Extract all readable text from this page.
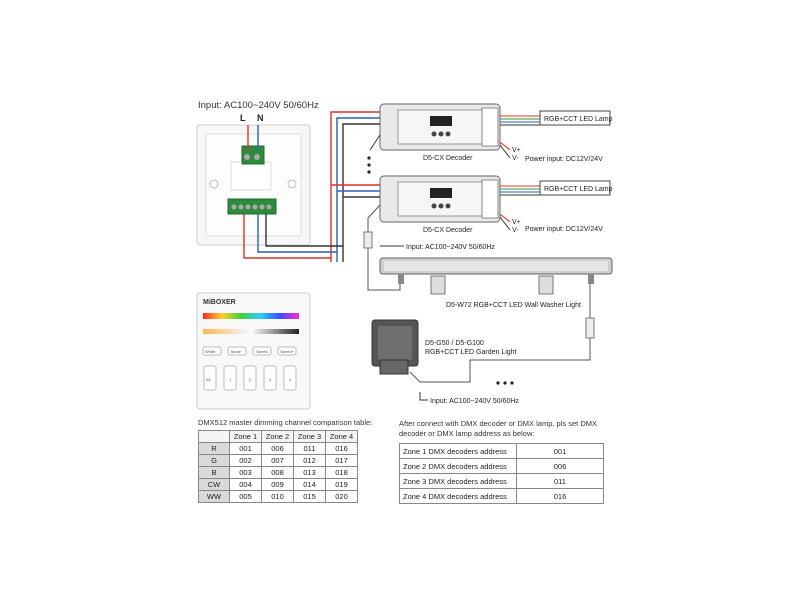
Input: AC100~240V 50/60Hz
L N
D5-CX Decoder
D5-CX Decoder
RGB+CCT LED Lamp
RGB+CCT LED Lamp
V+
V- Power input: DC12V/24V
V+
V- Power input: DC12V/24V
Input: AC100~240V 50/60Hz
D5-W72 RGB+CCT LED Wall Washer Light
D5-G50 / D5-G100
RGB+CCT LED Garden Light
Input: AC100~240V 50/60Hz
MiBOXER
White	Mode	Speed	Speed+
All	1	2	3	4
DMX512 master dimming channel comparison table:
	Zone 1	Zone 2	Zone 3	Zone 4
R	001	006	011	016
G	002	007	012	017
B	003	008	013	018
CW	004	009	014	019
WW	005	010	015	020
After connect with DMX decoder or DMX lamp, pls set DMX decoder or DMX lamp address as below:
Zone 1 DMX decoders address	001
Zone 2 DMX decoders address	006
Zone 3 DMX decoders address	011
Zone 4 DMX decoders address	016
